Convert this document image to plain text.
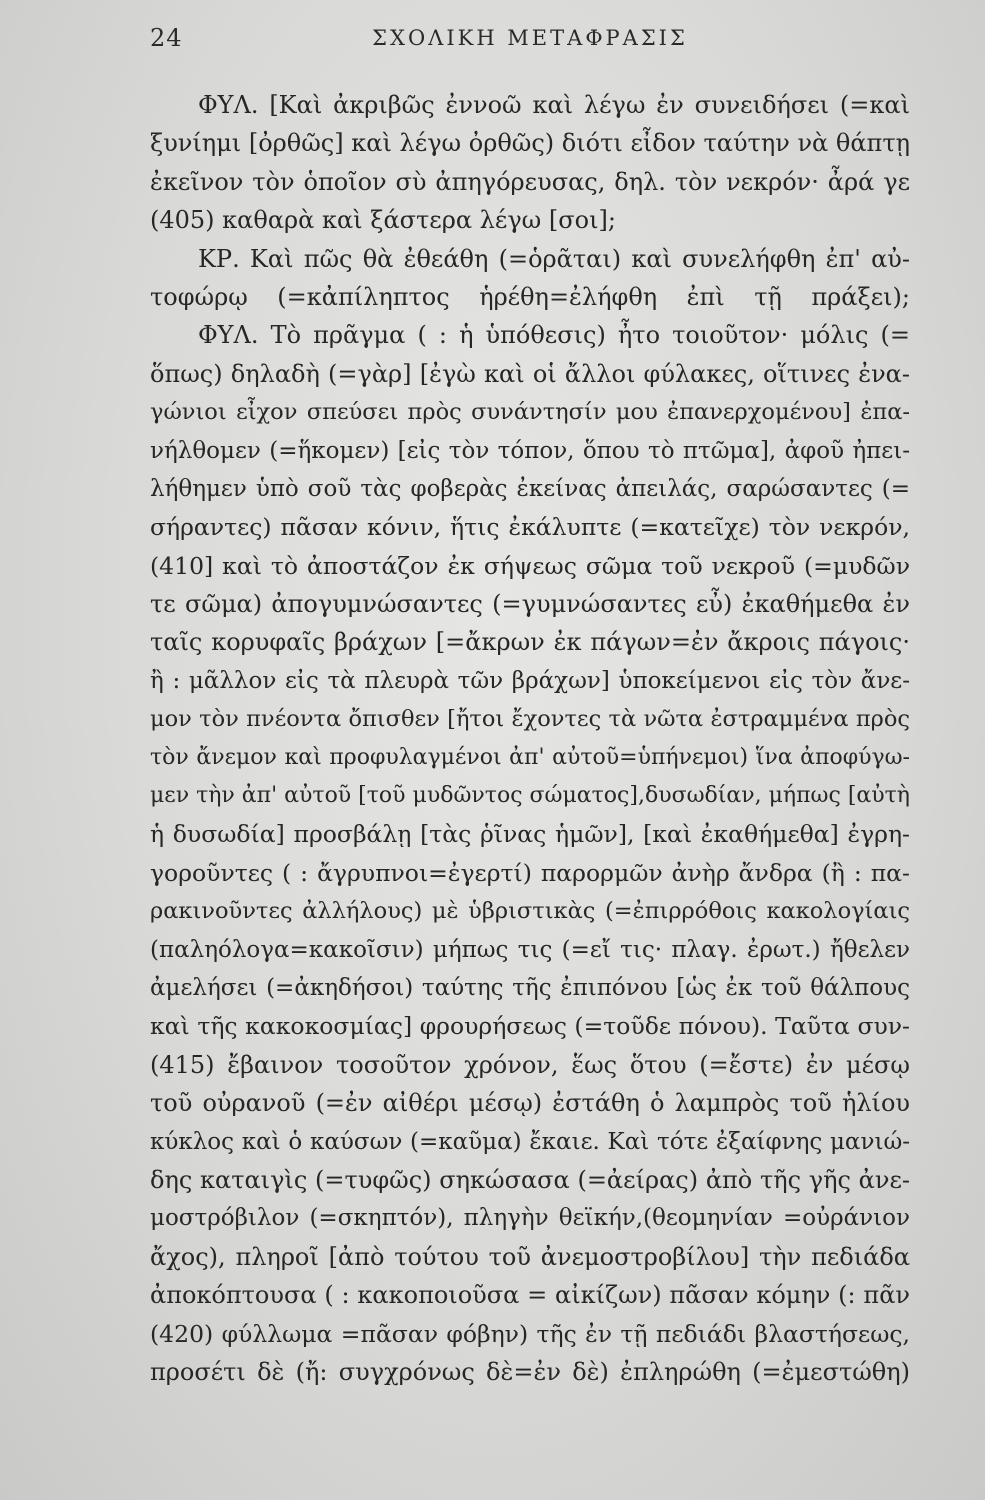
24	ΣΧΟΛΙΚΗ ΜΕΤΑΦΡΑΣΙΣ
ΦΥΛ. [Καὶ ἀκριβῶς ἐννοῶ καὶ λέγω ἐν συνειδήσει (=καὶ
ξυνίημι [ὀρθῶς] καὶ λέγω ὀρθῶς) διότι εἶδον ταύτην νὰ θάπτῃ
ἐκεῖνον τὸν ὁποῖον σὺ ἀπηγόρευσας, δηλ. τὸν νεκρόν· ἆρά γε
(405) καθαρὰ καὶ ξάστερα λέγω [σοι];
ΚΡ. Καὶ πῶς θὰ ἐθεάθη (=ὁρᾶται) καὶ συνελήφθη ἐπ' αὐ-
τοφώρῳ (=κἀπίληπτος ἡρέθη=ἐλήφθη ἐπὶ τῇ πράξει);
ΦΥΛ. Τὸ πρᾶγμα ( : ἡ ὑπόθεσις) ἦτο τοιοῦτον· μόλις (=
ὅπως) δηλαδὴ (=γὰρ] [ἐγὼ καὶ οἱ ἄλλοι φύλακες, οἵτινες ἐνα-
γώνιοι εἶχον σπεύσει πρὸς συνάντησίν μου ἐπανερχομένου] ἐπα-
νήλθομεν (=ἥκομεν) [εἰς τὸν τόπον, ὅπου τὸ πτῶμα], ἀφοῦ ἠπει-
λήθημεν ὑπὸ σοῦ τὰς φοβερὰς ἐκείνας ἀπειλάς, σαρώσαντες (=
σήραντες) πᾶσαν κόνιν, ἥτις ἐκάλυπτε (=κατεῖχε) τὸν νεκρόν,
(410] καὶ τὸ ἀποστάζον ἐκ σήψεως σῶμα τοῦ νεκροῦ (=μυδῶν
τε σῶμα) ἀπογυμνώσαντες (=γυμνώσαντες εὖ) ἐκαθήμεθα ἐν
ταῖς κορυφαῖς βράχων [=ἄκρων ἐκ πάγων=ἐν ἄκροις πάγοις·
ἢ : μᾶλλον εἰς τὰ πλευρὰ τῶν βράχων] ὑποκείμενοι εἰς τὸν ἄνε-
μον τὸν πνέοντα ὄπισθεν [ἤτοι ἔχοντες τὰ νῶτα ἐστραμμένα πρὸς
τὸν ἄνεμον καὶ προφυλαγμένοι ἀπ' αὐτοῦ=ὑπήνεμοι) ἵνα ἀποφύγω-
μεν τὴν ἀπ' αὐτοῦ [τοῦ μυδῶντος σώματος],δυσωδίαν, μήπως [αὐτὴ
ἡ δυσωδία] προσβάλῃ [τὰς ῥῖνας ἡμῶν], [καὶ ἐκαθήμεθα] ἐγρη-
γοροῦντες ( : ἄγρυπνοι=ἐγερτί) παρορμῶν ἀνὴρ ἄνδρα (ἢ : πα-
ρακινοῦντες ἀλλήλους) μὲ ὑβριστικὰς (=ἐπιρρόθοις κακολογίαις
(παληόλογα=κακοῖσιν) μήπως τις (=εἴ τις· πλαγ. ἐρωτ.) ἤθελεν
ἀμελήσει (=ἀκηδήσοι) ταύτης τῆς ἐπιπόνου [ὡς ἐκ τοῦ θάλπους
καὶ τῆς κακοκοσμίας] φρουρήσεως (=τοῦδε πόνου). Ταῦτα συν-
(415) ἔβαινον τοσοῦτον χρόνον, ἕως ὅτου (=ἔστε) ἐν μέσῳ
τοῦ οὐρανοῦ (=ἐν αἰθέρι μέσῳ) ἐστάθη ὁ λαμπρὸς τοῦ ἡλίου
κύκλος καὶ ὁ καύσων (=καῦμα) ἔκαιε. Καὶ τότε ἐξαίφνης μανιώ-
δης καταιγὶς (=τυφῶς) σηκώσασα (=ἀείρας) ἀπὸ τῆς γῆς ἀνε-
μοστρόβιλον (=σκηπτόν), πληγὴν θεϊκήν,(θεομηνίαν =οὐράνιον
ἄχος), πληροῖ [ἀπὸ τούτου τοῦ ἀνεμοστροβίλου] τὴν πεδιάδα
ἀποκόπτουσα ( : κακοποιοῦσα = αἰκίζων) πᾶσαν κόμην (: πᾶν
(420) φύλλωμα =πᾶσαν φόβην) τῆς ἐν τῇ πεδιάδι βλαστήσεως,
προσέτι δὲ (ἤ: συγχρόνως δὲ=ἐν δὲ) ἐπληρώθη (=ἐμεστώθη)
